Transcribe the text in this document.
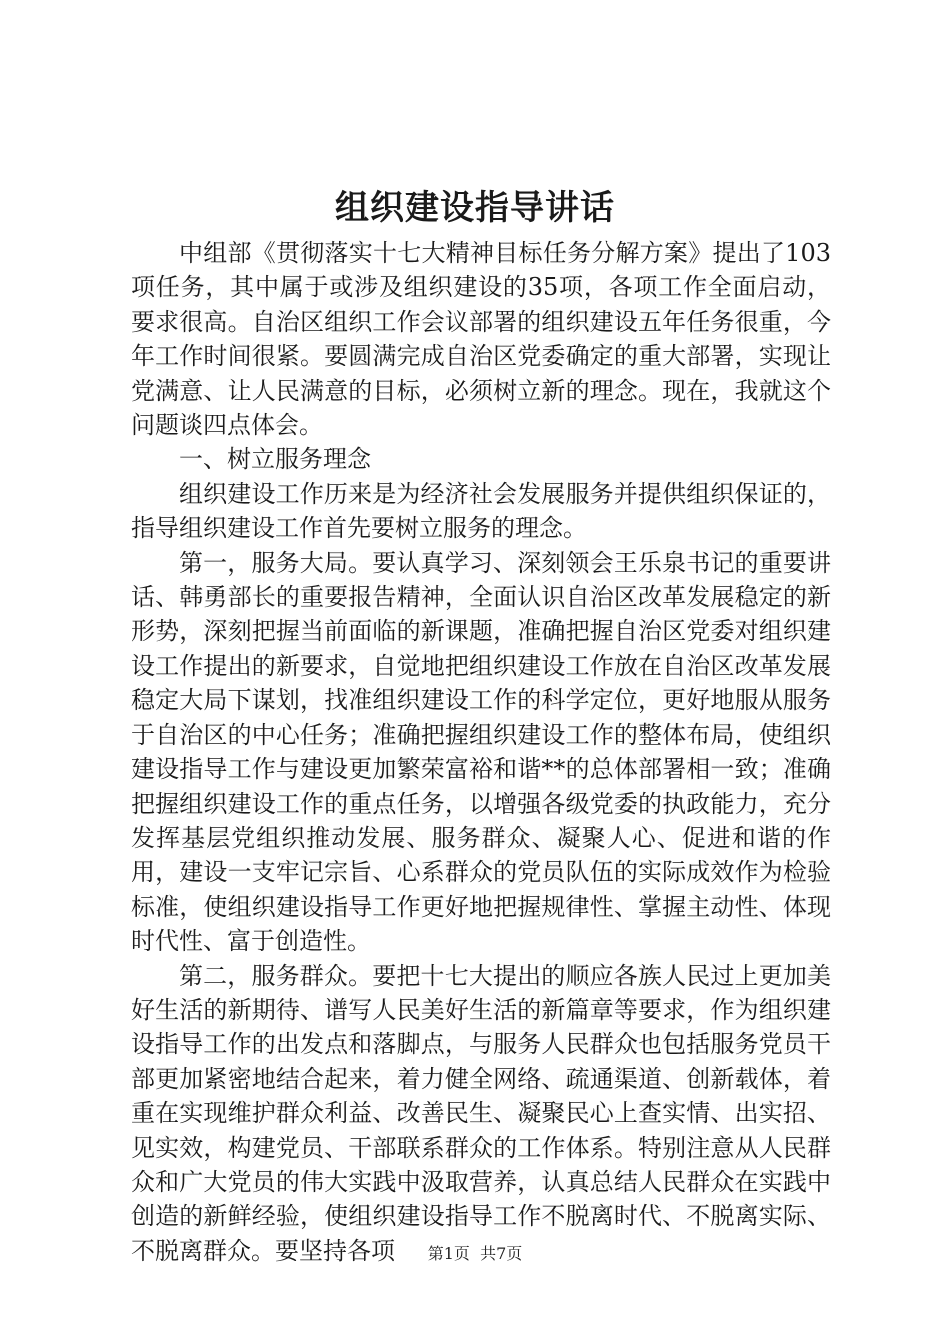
组织建设指导讲话

中组部《贯彻落实十七大精神目标任务分解方案》提出了103项任务，其中属于或涉及组织建设的35项，各项工作全面启动，要求很高。自治区组织工作会议部署的组织建设五年任务很重，今年工作时间很紧。要圆满完成自治区党委确定的重大部署，实现让党满意、让人民满意的目标，必须树立新的理念。现在，我就这个问题谈四点体会。

一、树立服务理念

组织建设工作历来是为经济社会发展服务并提供组织保证的，指导组织建设工作首先要树立服务的理念。

第一，服务大局。要认真学习、深刻领会王乐泉书记的重要讲话、韩勇部长的重要报告精神，全面认识自治区改革发展稳定的新形势，深刻把握当前面临的新课题，准确把握自治区党委对组织建设工作提出的新要求，自觉地把组织建设工作放在自治区改革发展稳定大局下谋划，找准组织建设工作的科学定位，更好地服从服务于自治区的中心任务；准确把握组织建设工作的整体布局，使组织建设指导工作与建设更加繁荣富裕和谐**的总体部署相一致；准确把握组织建设工作的重点任务，以增强各级党委的执政能力，充分发挥基层党组织推动发展、服务群众、凝聚人心、促进和谐的作用，建设一支牢记宗旨、心系群众的党员队伍的实际成效作为检验标准，使组织建设指导工作更好地把握规律性、掌握主动性、体现时代性、富于创造性。

第二，服务群众。要把十七大提出的顺应各族人民过上更加美好生活的新期待、谱写人民美好生活的新篇章等要求，作为组织建设指导工作的出发点和落脚点，与服务人民群众也包括服务党员干部更加紧密地结合起来，着力健全网络、疏通渠道、创新载体，着重在实现维护群众利益、改善民生、凝聚民心上查实情、出实招、见实效，构建党员、干部联系群众的工作体系。特别注意从人民群众和广大党员的伟大实践中汲取营养，认真总结人民群众在实践中创造的新鲜经验，使组织建设指导工作不脱离时代、不脱离实际、不脱离群众。要坚持各项	第1页 共7页
